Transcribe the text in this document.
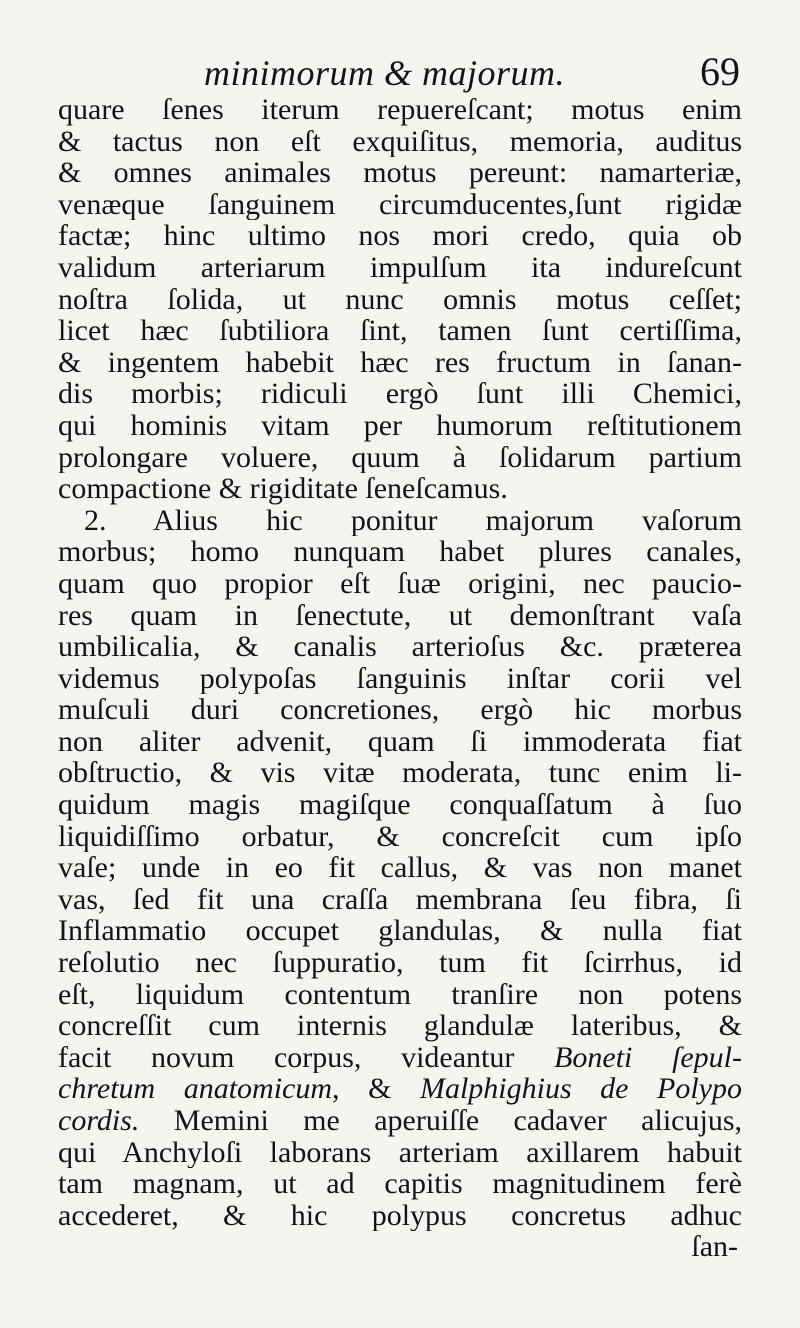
minimorum & majorum.	69
quare ſenes iterum repuereſcant; motus enim
& tactus non eſt exquiſitus, memoria, auditus
& omnes animales motus pereunt: namarteriæ,
venæque ſanguinem circumducentes,ſunt rigidæ
factæ; hinc ultimo nos mori credo, quia ob
validum arteriarum impulſum ita indureſcunt
noſtra ſolida, ut nunc omnis motus ceſſet;
licet hæc ſubtiliora ſint, tamen ſunt certiſſima,
& ingentem habebit hæc res fructum in ſanan-
dis morbis; ridiculi ergò ſunt illi Chemici,
qui hominis vitam per humorum reſtitutionem
prolongare voluere, quum à ſolidarum partium
compactione & rigiditate ſeneſcamus.
2. Alius hic ponitur majorum vaſorum
morbus; homo nunquam habet plures canales,
quam quo propior eſt ſuæ origini, nec paucio-
res quam in ſenectute, ut demonſtrant vaſa
umbilicalia, & canalis arterioſus &c. præterea
videmus polypoſas ſanguinis inſtar corii vel
muſculi duri concretiones, ergò hic morbus
non aliter advenit, quam ſi immoderata fiat
obſtructio, & vis vitæ moderata, tunc enim li-
quidum magis magiſque conquaſſatum à ſuo
liquidiſſimo orbatur, & concreſcit cum ipſo
vaſe; unde in eo fit callus, & vas non manet
vas, ſed fit una craſſa membrana ſeu fibra, ſi
Inflammatio occupet glandulas, & nulla fiat
reſolutio nec ſuppuratio, tum fit ſcirrhus, id
eſt, liquidum contentum tranſire non potens
concreſſit cum internis glandulæ lateribus, &
facit novum corpus, videantur Boneti ſepul-
chretum anatomicum, & Malphighius de Polypo
cordis. Memini me aperuiſſe cadaver alicujus,
qui Anchyloſi laborans arteriam axillarem habuit
tam magnam, ut ad capitis magnitudinem ferè
accederet, & hic polypus concretus adhuc
ſan-
